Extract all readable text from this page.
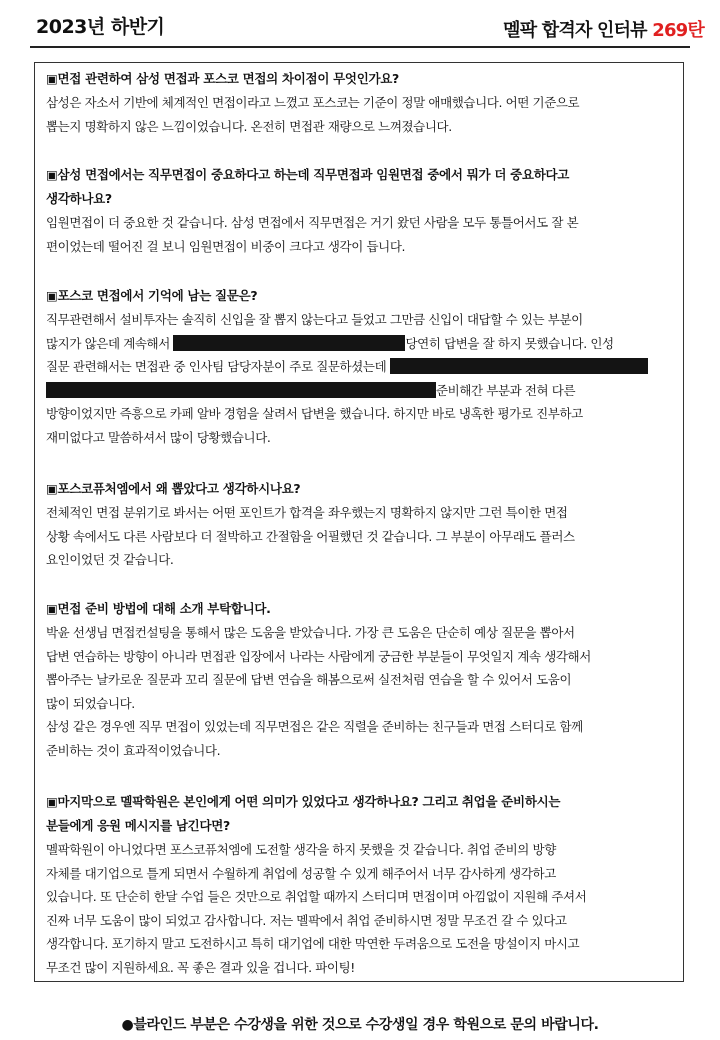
2023년 하반기	멜팍 합격자 인터뷰 269탄

▣면접 관련하여 삼성 면접과 포스코 면접의 차이점이 무엇인가요?

삼성은 자소서 기반에 체계적인 면접이라고 느꼈고 포스코는 기준이 정말 애매했습니다. 어떤 기준으로

뽑는지 명확하지 않은 느낌이었습니다. 온전히 면접관 재량으로 느껴졌습니다.

▣삼성 면접에서는 직무면접이 중요하다고 하는데 직무면접과 임원면접 중에서 뭐가 더 중요하다고

생각하나요?

임원면접이 더 중요한 것 같습니다. 삼성 면접에서 직무면접은 거기 왔던 사람을 모두 통틀어서도 잘 본

편이었는데 떨어진 걸 보니 임원면접이 비중이 크다고 생각이 듭니다.

▣포스코 면접에서 기억에 남는 질문은?

직무관련해서 설비투자는 솔직히 신입을 잘 뽑지 않는다고 들었고 그만큼 신입이 대답할 수 있는 부분이

많지가 않은데 계속해서	당연히 답변을 잘 하지 못했습니다. 인성

질문 관련해서는 면접관 중 인사팀 담당자분이 주로 질문하셨는데

준비해간 부분과 전혀 다른

방향이었지만 즉흥으로 카페 알바 경험을 살려서 답변을 했습니다. 하지만 바로 냉혹한 평가로 진부하고

재미없다고 말씀하셔서 많이 당황했습니다.

▣포스코퓨처엠에서 왜 뽑았다고 생각하시나요?

전체적인 면접 분위기로 봐서는 어떤 포인트가 합격을 좌우했는지 명확하지 않지만 그런 특이한 면접

상황 속에서도 다른 사람보다 더 절박하고 간절함을 어필했던 것 같습니다. 그 부분이 아무래도 플러스

요인이었던 것 같습니다.

▣면접 준비 방법에 대해 소개 부탁합니다.

박윤 선생님 면접컨설팅을 통해서 많은 도움을 받았습니다. 가장 큰 도움은 단순히 예상 질문을 뽑아서

답변 연습하는 방향이 아니라 면접관 입장에서 나라는 사람에게 궁금한 부분들이 무엇일지 계속 생각해서

뽑아주는 날카로운 질문과 꼬리 질문에 답변 연습을 해봄으로써 실전처럼 연습을 할 수 있어서 도움이

많이 되었습니다.

삼성 같은 경우엔 직무 면접이 있었는데 직무면접은 같은 직렬을 준비하는 친구들과 면접 스터디로 함께

준비하는 것이 효과적이었습니다.

▣마지막으로 멜팍학원은 본인에게 어떤 의미가 있었다고 생각하나요? 그리고 취업을 준비하시는

분들에게 응원 메시지를 남긴다면?

멜팍학원이 아니었다면 포스코퓨처엠에 도전할 생각을 하지 못했을 것 같습니다. 취업 준비의 방향

자체를 대기업으로 틀게 되면서 수월하게 취업에 성공할 수 있게 해주어서 너무 감사하게 생각하고

있습니다. 또 단순히 한달 수업 들은 것만으로 취업할 때까지 스터디며 면접이며 아낌없이 지원해 주셔서

진짜 너무 도움이 많이 되었고 감사합니다. 저는 멜팍에서 취업 준비하시면 정말 무조건 갈 수 있다고

생각합니다. 포기하지 말고 도전하시고 특히 대기업에 대한 막연한 두려움으로 도전을 망설이지 마시고

무조건 많이 지원하세요. 꼭 좋은 결과 있을 겁니다. 파이팅!

●블라인드 부분은 수강생을 위한 것으로 수강생일 경우 학원으로 문의 바랍니다.
